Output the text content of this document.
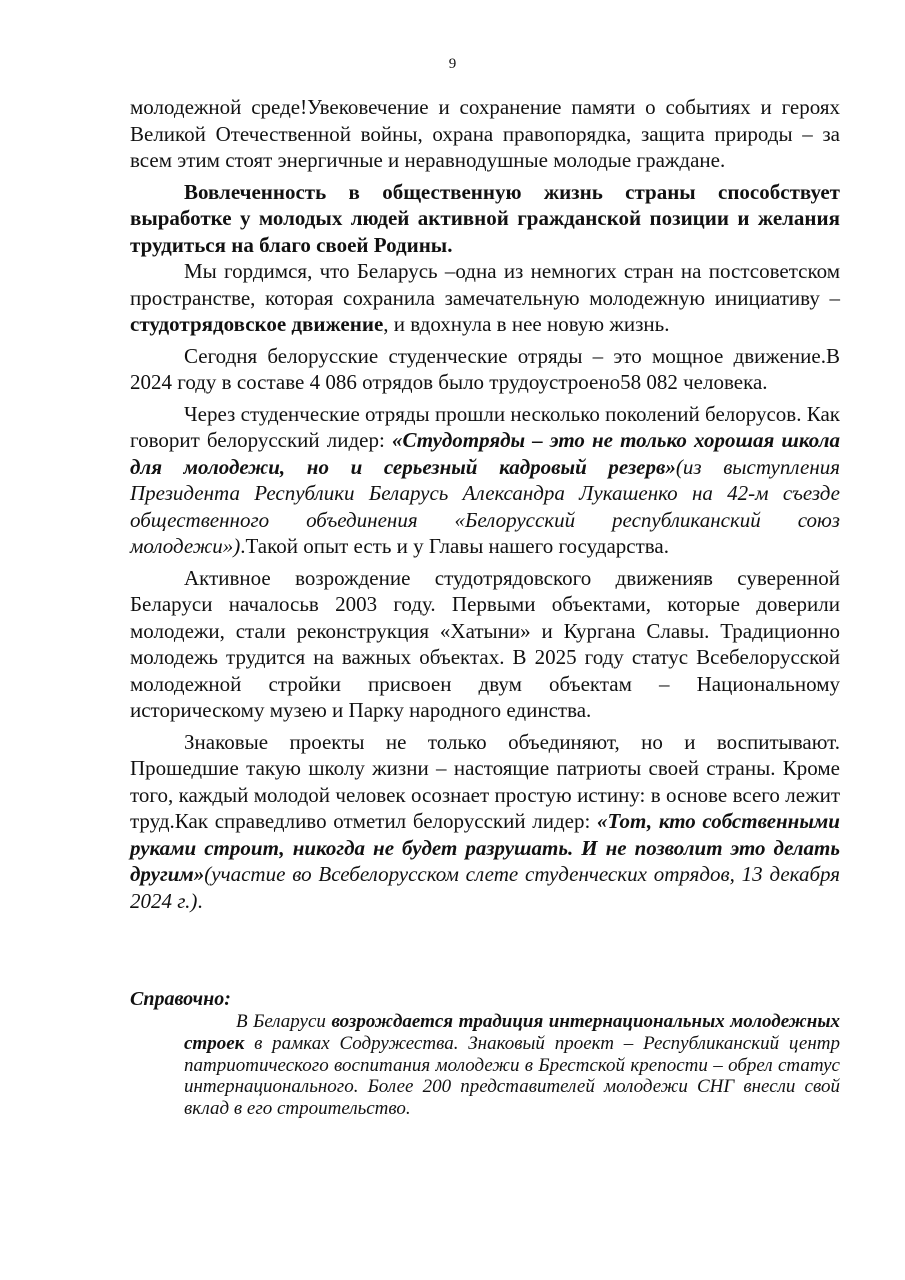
9

молодежной среде!Увековечение и сохранение памяти о событиях и героях Великой Отечественной войны, охрана правопорядка, защита природы – за всем этим стоят энергичные и неравнодушные молодые граждане.

Вовлеченность в общественную жизнь страны способствует выработке у молодых людей активной гражданской позиции и желания трудиться на благо своей Родины.

Мы гордимся, что Беларусь –одна из немногих стран на постсоветском пространстве, которая сохранила замечательную молодежную инициативу – студотрядовское движение, и вдохнула в нее новую жизнь.

Сегодня белорусские студенческие отряды – это мощное движение.В 2024 году в составе 4 086 отрядов было трудоустроено58 082 человека.

Через студенческие отряды прошли несколько поколений белорусов. Как говорит белорусский лидер: «Студотряды – это не только хорошая школа для молодежи, но и серьезный кадровый резерв»(из выступления Президента Республики Беларусь Александра Лукашенко на 42-м съезде общественного объединения «Белорусский республиканский союз молодежи»).Такой опыт есть и у Главы нашего государства.

Активное возрождение студотрядовского движенияв суверенной Беларуси началосьв 2003 году. Первыми объектами, которые доверили молодежи, стали реконструкция «Хатыни» и Кургана Славы. Традиционно молодежь трудится на важных объектах. В 2025 году статус Всебелорусской молодежной стройки присвоен двум объектам – Национальному историческому музею и Парку народного единства.

Знаковые проекты не только объединяют, но и воспитывают. Прошедшие такую школу жизни – настоящие патриоты своей страны. Кроме того, каждый молодой человек осознает простую истину: в основе всего лежит труд.Как справедливо отметил белорусский лидер: «Тот, кто собственными руками строит, никогда не будет разрушать. И не позволит это делать другим»(участие во Всебелорусском слете студенческих отрядов, 13 декабря 2024 г.).

Справочно:

В Беларуси возрождается традиция интернациональных молодежных строек в рамках Содружества. Знаковый проект – Республиканский центр патриотического воспитания молодежи в Брестской крепости – обрел статус интернационального. Более 200 представителей молодежи СНГ внесли свой вклад в его строительство.
